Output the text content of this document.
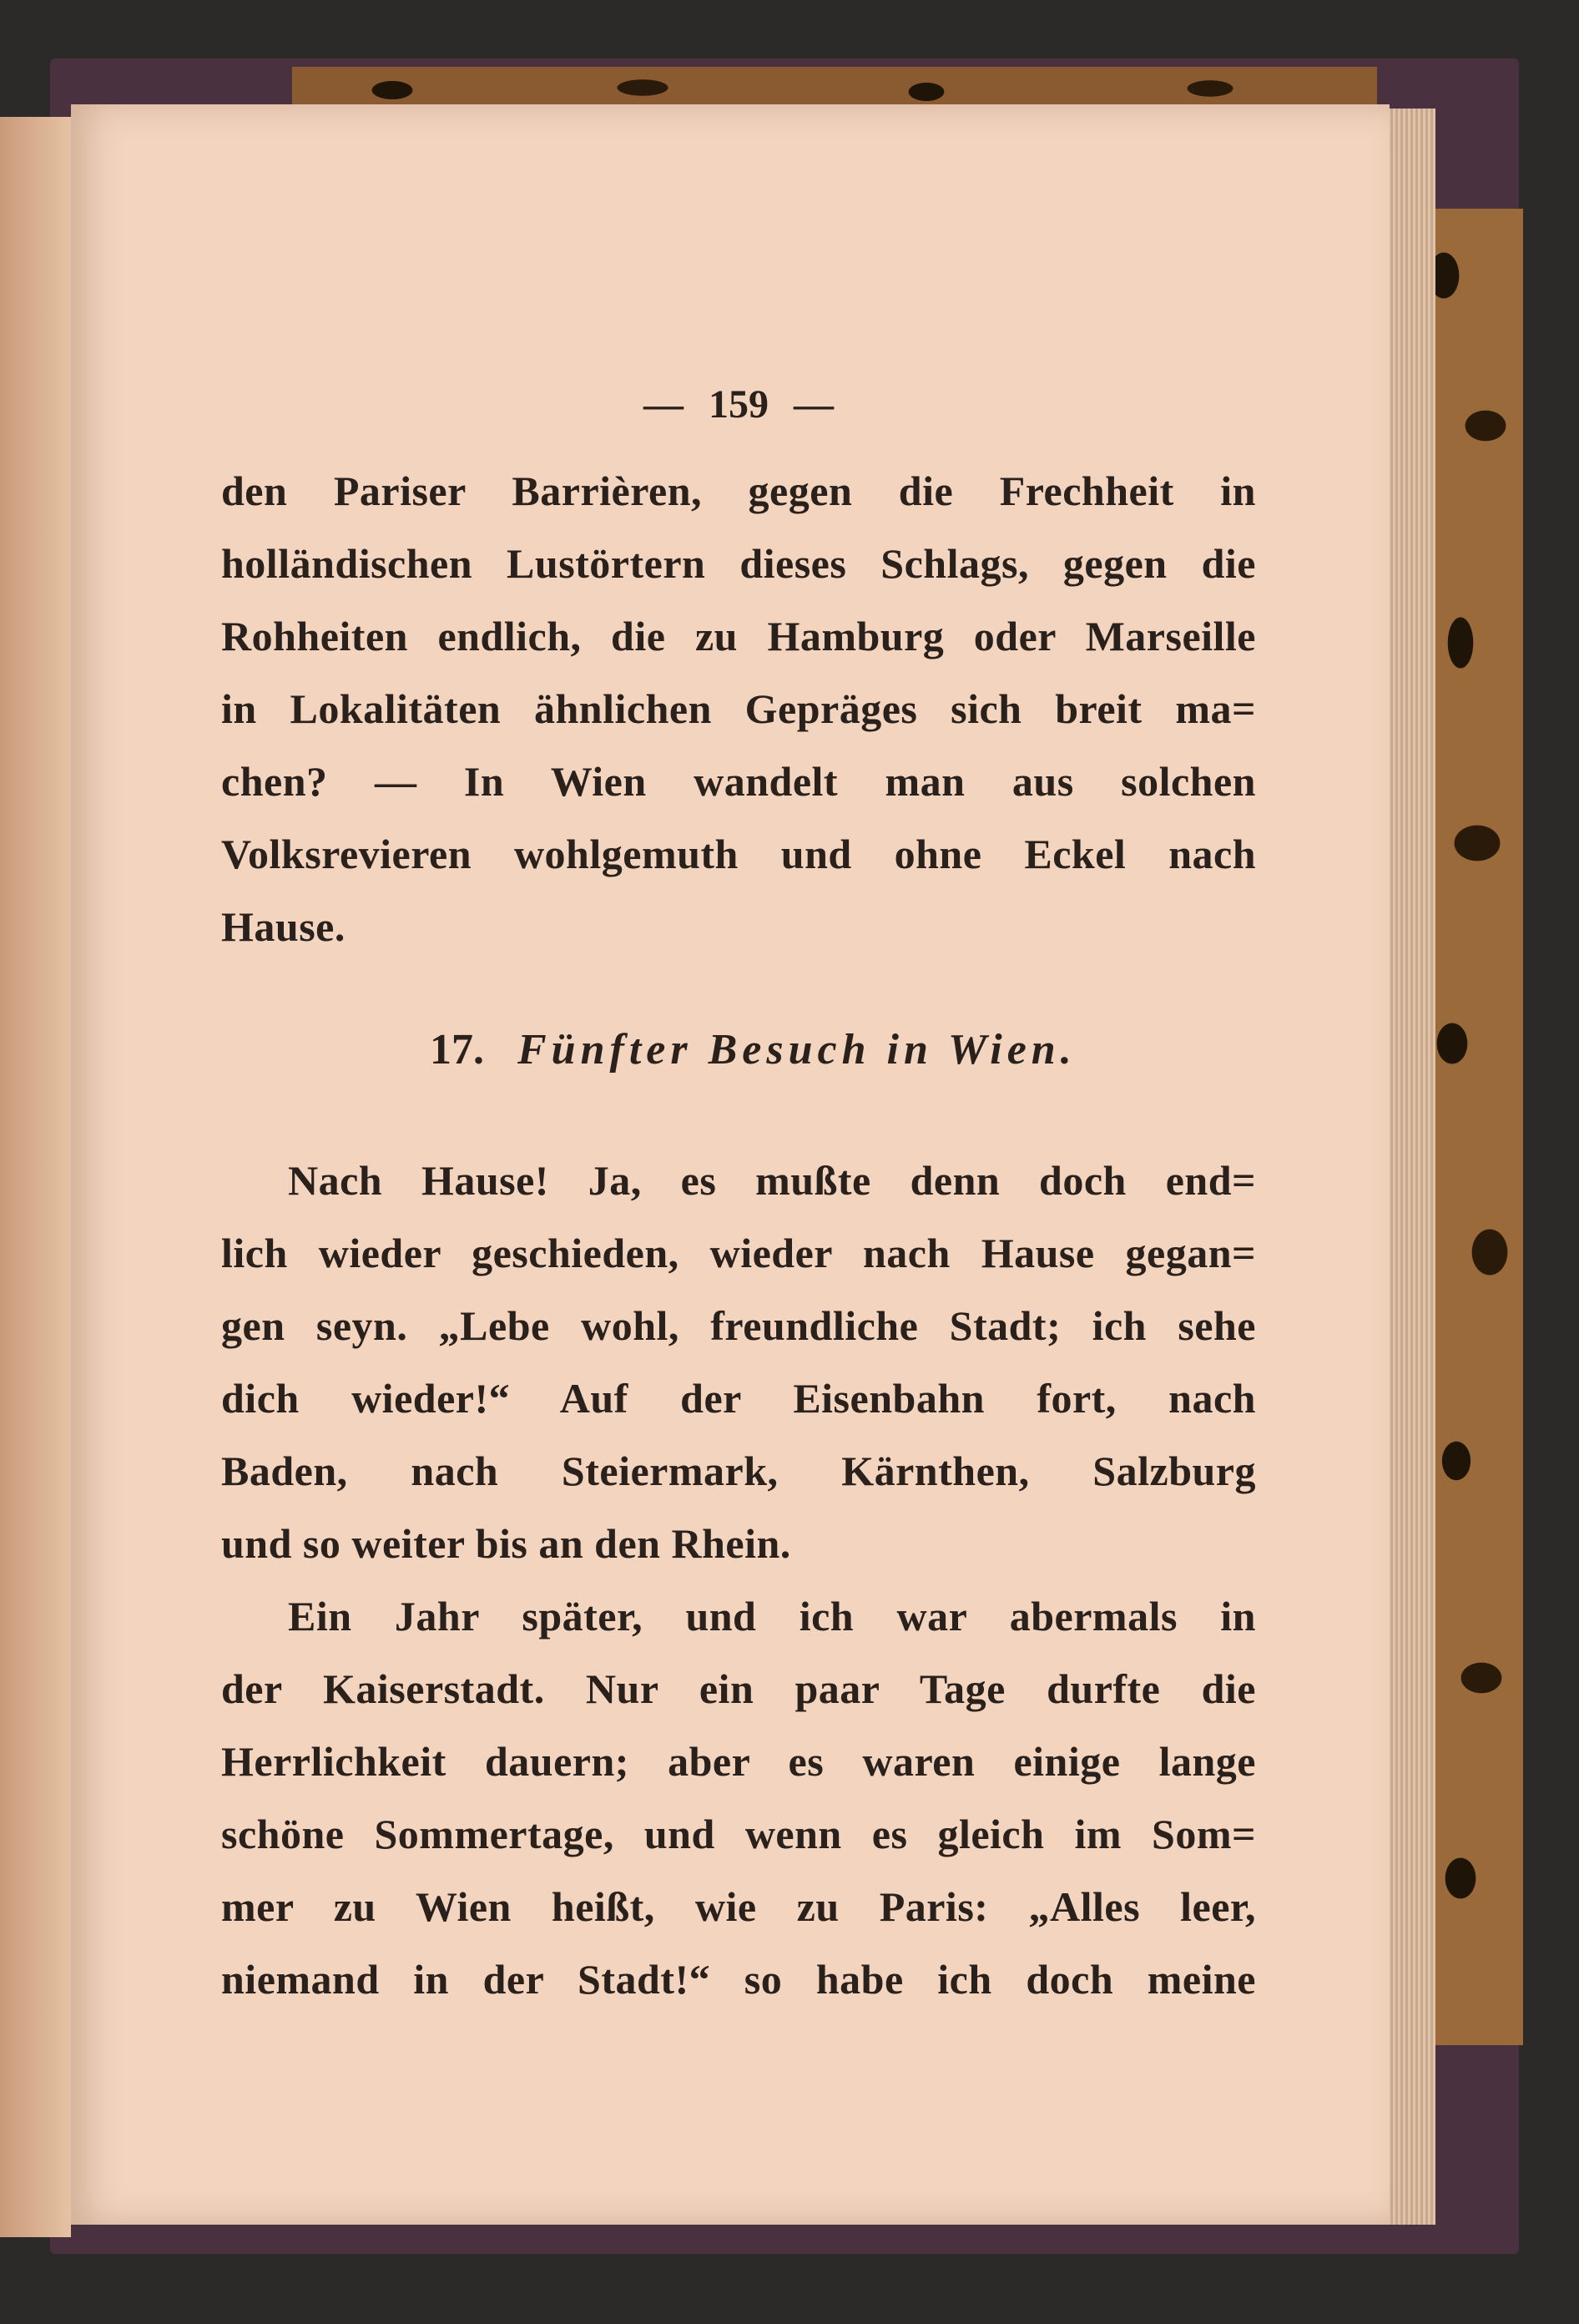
— 159 —
den Pariser Barrièren, gegen die Frechheit in
holländischen Lustörtern dieses Schlags, gegen die
Rohheiten endlich, die zu Hamburg oder Marseille
in Lokalitäten ähnlichen Gepräges sich breit ma=
chen? — In Wien wandelt man aus solchen
Volksrevieren wohlgemuth und ohne Eckel nach
Hause.
17. Fünfter Besuch in Wien.
Nach Hause! Ja, es mußte denn doch end=
lich wieder geschieden, wieder nach Hause gegan=
gen seyn. „Lebe wohl, freundliche Stadt; ich sehe
dich wieder!“ Auf der Eisenbahn fort, nach
Baden, nach Steiermark, Kärnthen, Salzburg
und so weiter bis an den Rhein.
Ein Jahr später, und ich war abermals in
der Kaiserstadt. Nur ein paar Tage durfte die
Herrlichkeit dauern; aber es waren einige lange
schöne Sommertage, und wenn es gleich im Som=
mer zu Wien heißt, wie zu Paris: „Alles leer,
niemand in der Stadt!“ so habe ich doch meine
